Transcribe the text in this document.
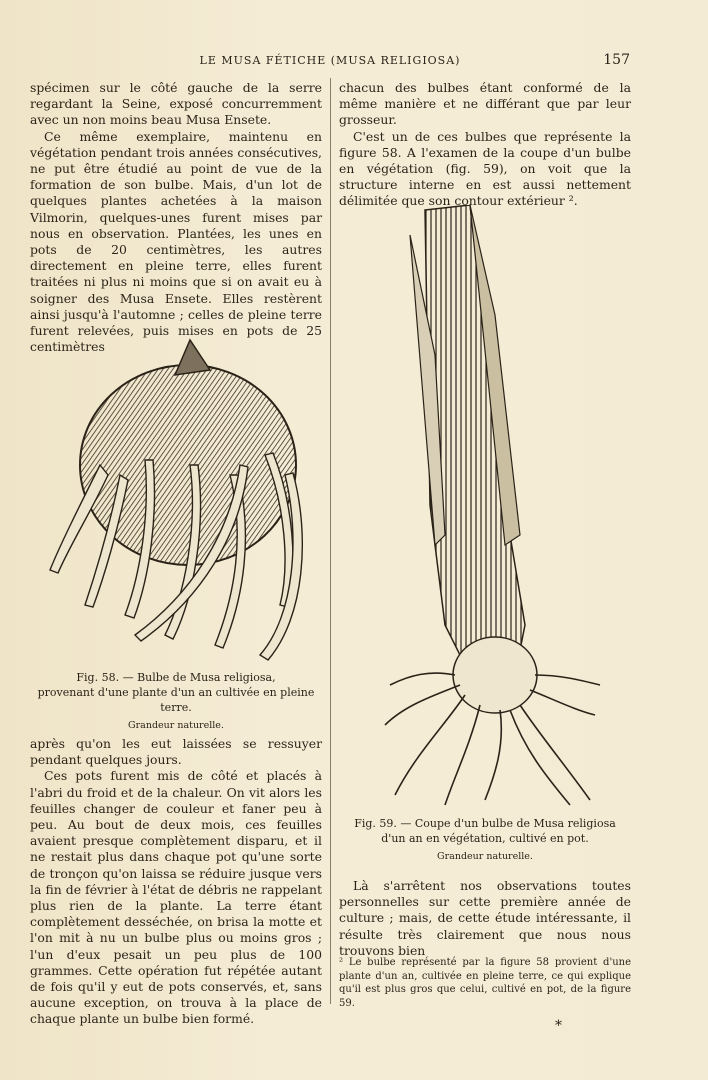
LE MUSA FÉTICHE (MUSA RELIGIOSA)	157

spécimen sur le côté gauche de la serre regardant la Seine, exposé concurremment avec un non moins beau Musa Ensete.

Ce même exemplaire, maintenu en végétation pendant trois années consécutives, ne put être étudié au point de vue de la formation de son bulbe. Mais, d'un lot de quelques plantes achetées à la maison Vilmorin, quelques-unes furent mises par nous en observation. Plantées, les unes en pots de 20 centimètres, les autres directement en pleine terre, elles furent traitées ni plus ni moins que si on avait eu à soigner des Musa Ensete. Elles restèrent ainsi jusqu'à l'automne ; celles de pleine terre furent relevées, puis mises en pots de 25 centimètres

Fig. 58. — Bulbe de Musa religiosa,
provenant d'une plante d'un an cultivée en pleine terre.
Grandeur naturelle.

après qu'on les eut laissées se ressuyer pendant quelques jours.

Ces pots furent mis de côté et placés à l'abri du froid et de la chaleur. On vit alors les feuilles changer de couleur et faner peu à peu. Au bout de deux mois, ces feuilles avaient presque complètement disparu, et il ne restait plus dans chaque pot qu'une sorte de tronçon qu'on laissa se réduire jusque vers la fin de février à l'état de débris ne rappelant plus rien de la plante. La terre étant complètement desséchée, on brisa la motte et l'on mit à nu un bulbe plus ou moins gros ; l'un d'eux pesait un peu plus de 100 grammes. Cette opération fut répétée autant de fois qu'il y eut de pots conservés, et, sans aucune exception, on trouva à la place de chaque plante un bulbe bien formé.

chacun des bulbes étant conformé de la même manière et ne différant que par leur grosseur.

C'est un de ces bulbes que représente la figure 58. A l'examen de la coupe d'un bulbe en végétation (fig. 59), on voit que la structure interne en est aussi nettement délimitée que son contour extérieur ².

Fig. 59. — Coupe d'un bulbe de Musa religiosa
d'un an en végétation, cultivé en pot.
Grandeur naturelle.

Là s'arrêtent nos observations toutes personnelles sur cette première année de culture ; mais, de cette étude intéressante, il résulte très clairement que nous nous trouvons bien

² Le bulbe représenté par la figure 58 provient d'une plante d'un an, cultivée en pleine terre, ce qui explique qu'il est plus gros que celui, cultivé en pot, de la figure 59.
*
